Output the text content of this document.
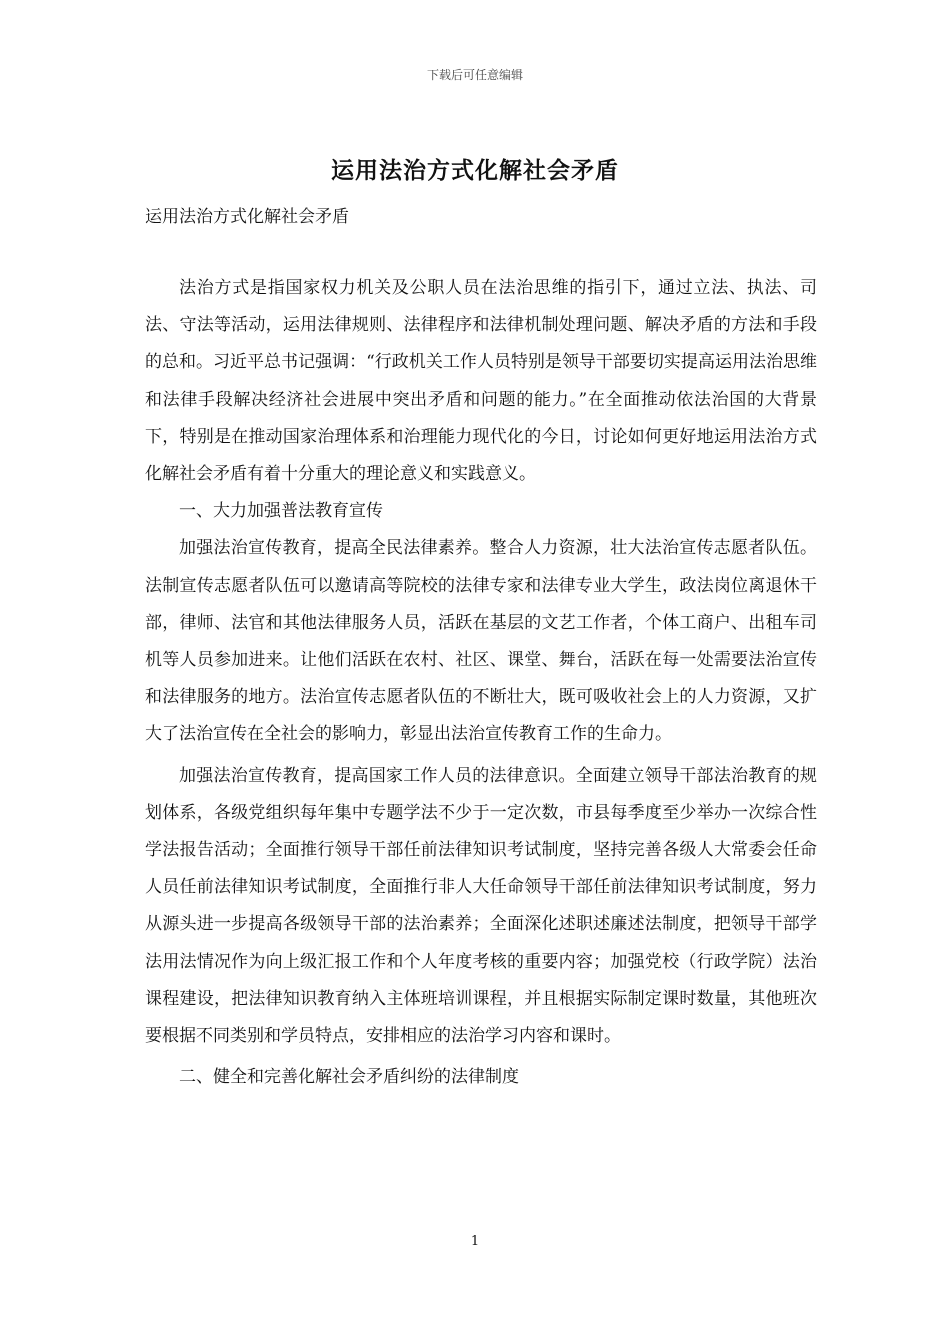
下载后可任意编辑
运用法治方式化解社会矛盾
运用法治方式化解社会矛盾

法治方式是指国家权力机关及公职人员在法治思维的指引下，通过立法、执法、司法、守法等活动，运用法律规则、法律程序和法律机制处理问题、解决矛盾的方法和手段的总和。习近平总书记强调：“行政机关工作人员特别是领导干部要切实提高运用法治思维和法律手段解决经济社会进展中突出矛盾和问题的能力。”在全面推动依法治国的大背景下，特别是在推动国家治理体系和治理能力现代化的今日，讨论如何更好地运用法治方式化解社会矛盾有着十分重大的理论意义和实践意义。

一、大力加强普法教育宣传

加强法治宣传教育，提高全民法律素养。整合人力资源，壮大法治宣传志愿者队伍。法制宣传志愿者队伍可以邀请高等院校的法律专家和法律专业大学生，政法岗位离退休干部，律师、法官和其他法律服务人员，活跃在基层的文艺工作者，个体工商户、出租车司机等人员参加进来。让他们活跃在农村、社区、课堂、舞台，活跃在每一处需要法治宣传和法律服务的地方。法治宣传志愿者队伍的不断壮大，既可吸收社会上的人力资源，又扩大了法治宣传在全社会的影响力，彰显出法治宣传教育工作的生命力。

加强法治宣传教育，提高国家工作人员的法律意识。全面建立领导干部法治教育的规划体系，各级党组织每年集中专题学法不少于一定次数，市县每季度至少举办一次综合性学法报告活动；全面推行领导干部任前法律知识考试制度，坚持完善各级人大常委会任命人员任前法律知识考试制度，全面推行非人大任命领导干部任前法律知识考试制度，努力从源头进一步提高各级领导干部的法治素养；全面深化述职述廉述法制度，把领导干部学法用法情况作为向上级汇报工作和个人年度考核的重要内容；加强党校（行政学院）法治课程建设，把法律知识教育纳入主体班培训课程，并且根据实际制定课时数量，其他班次要根据不同类别和学员特点，安排相应的法治学习内容和课时。

二、健全和完善化解社会矛盾纠纷的法律制度

1
